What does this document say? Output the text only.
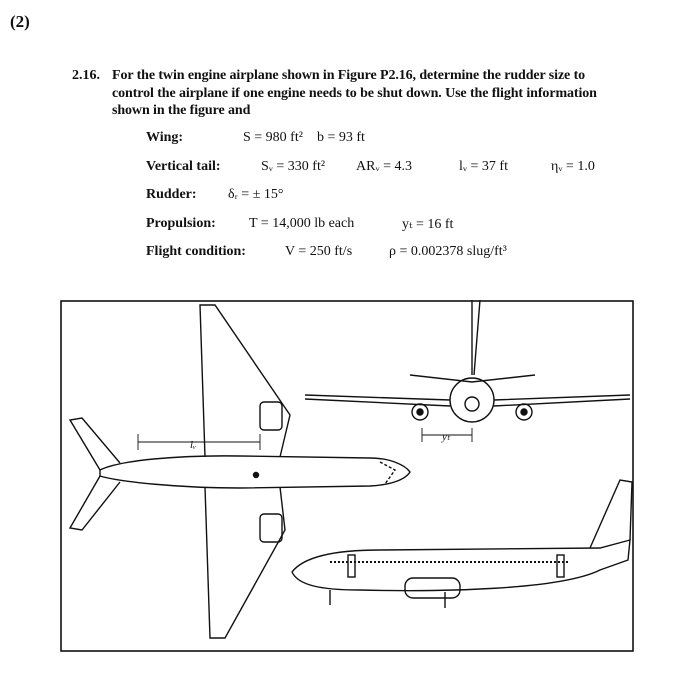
(2)
2.16. For the twin engine airplane shown in Figure P2.16, determine the rudder size to
control the airplane if one engine needs to be shut down. Use the flight information
shown in the figure and
Wing:	S = 980 ft² b = 93 ft
Vertical tail:	Sᵥ = 330 ft² ARᵥ = 4.3	lᵥ = 37 ft	ηᵥ = 1.0
Rudder: δᵣ = ± 15°
Propulsion: T = 14,000 lb each	yₜ = 16 ft
Flight condition:	V = 250 ft/s	ρ = 0.002378 slug/ft³
lᵥ
yₜ
